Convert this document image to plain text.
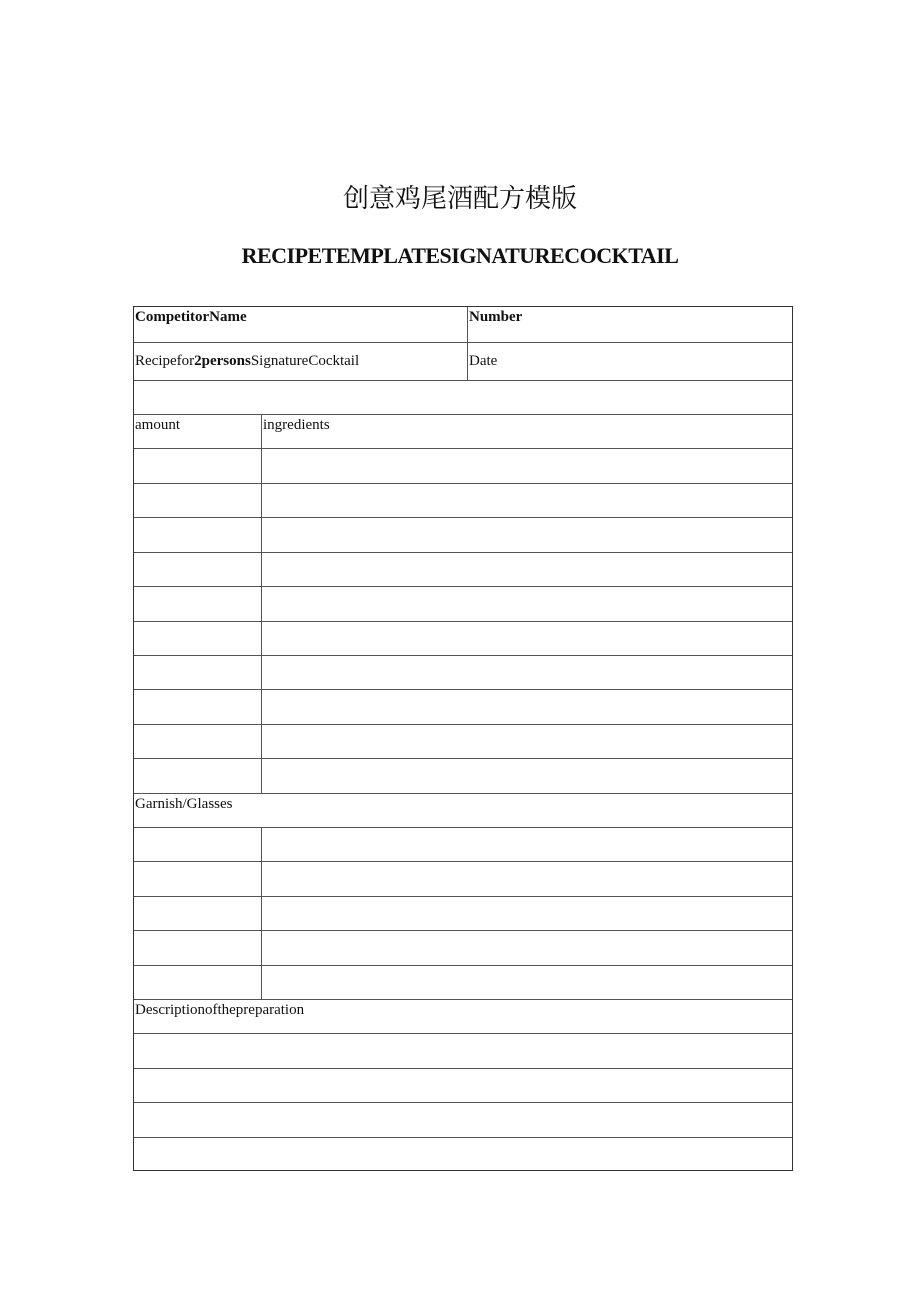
创意鸡尾酒配方模版
RECIPETEMPLATESIGNATURECOCKTAIL
CompetitorName	Number
Recipefor2personsSignatureCocktail	Date
amount	ingredients
Garnish/Glasses
Descriptionofthepreparation
